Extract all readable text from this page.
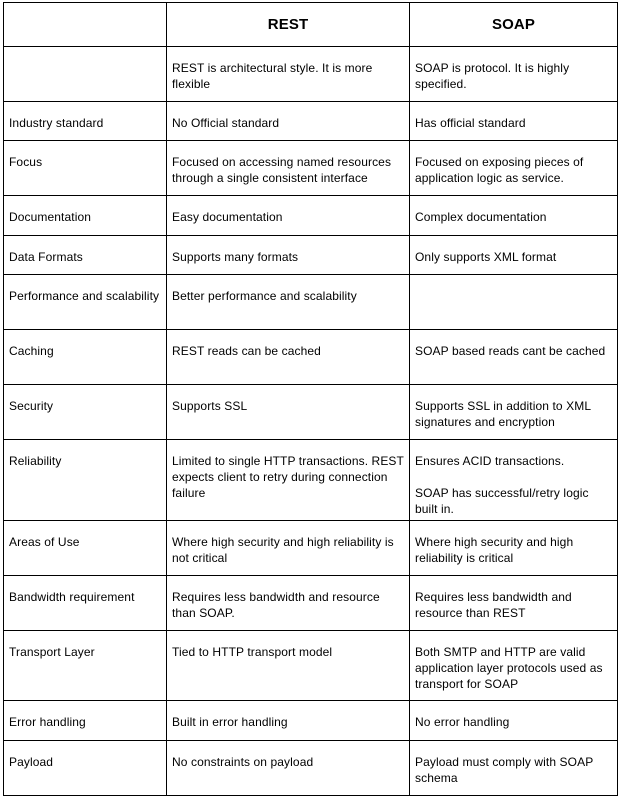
	REST	SOAP

	REST is architectural style. It is more flexible	SOAP is protocol. It is highly specified.

Industry standard	No Official standard	Has official standard

Focus	Focused on accessing named resources through a single consistent interface	Focused on exposing pieces of application logic as service.

Documentation	Easy documentation	Complex documentation

Data Formats	Supports many formats	Only supports XML format

Performance and scalability	Better performance and scalability	

Caching	REST reads can be cached	SOAP based reads cant be cached

Security	Supports SSL	Supports SSL in addition to XML signatures and encryption

Reliability	Limited to single HTTP transactions. REST expects client to retry during connection failure	Ensures ACID transactions.

SOAP has successful/retry logic built in.

Areas of Use	Where high security and high reliability is not critical	Where high security and high reliability is critical

Bandwidth requirement	Requires less bandwidth and resource than SOAP.	Requires less bandwidth and resource than REST

Transport Layer	Tied to HTTP transport model	Both SMTP and HTTP are valid application layer protocols used as transport for SOAP

Error handling	Built in error handling	No error handling

Payload	No constraints on payload	Payload must comply with SOAP schema
